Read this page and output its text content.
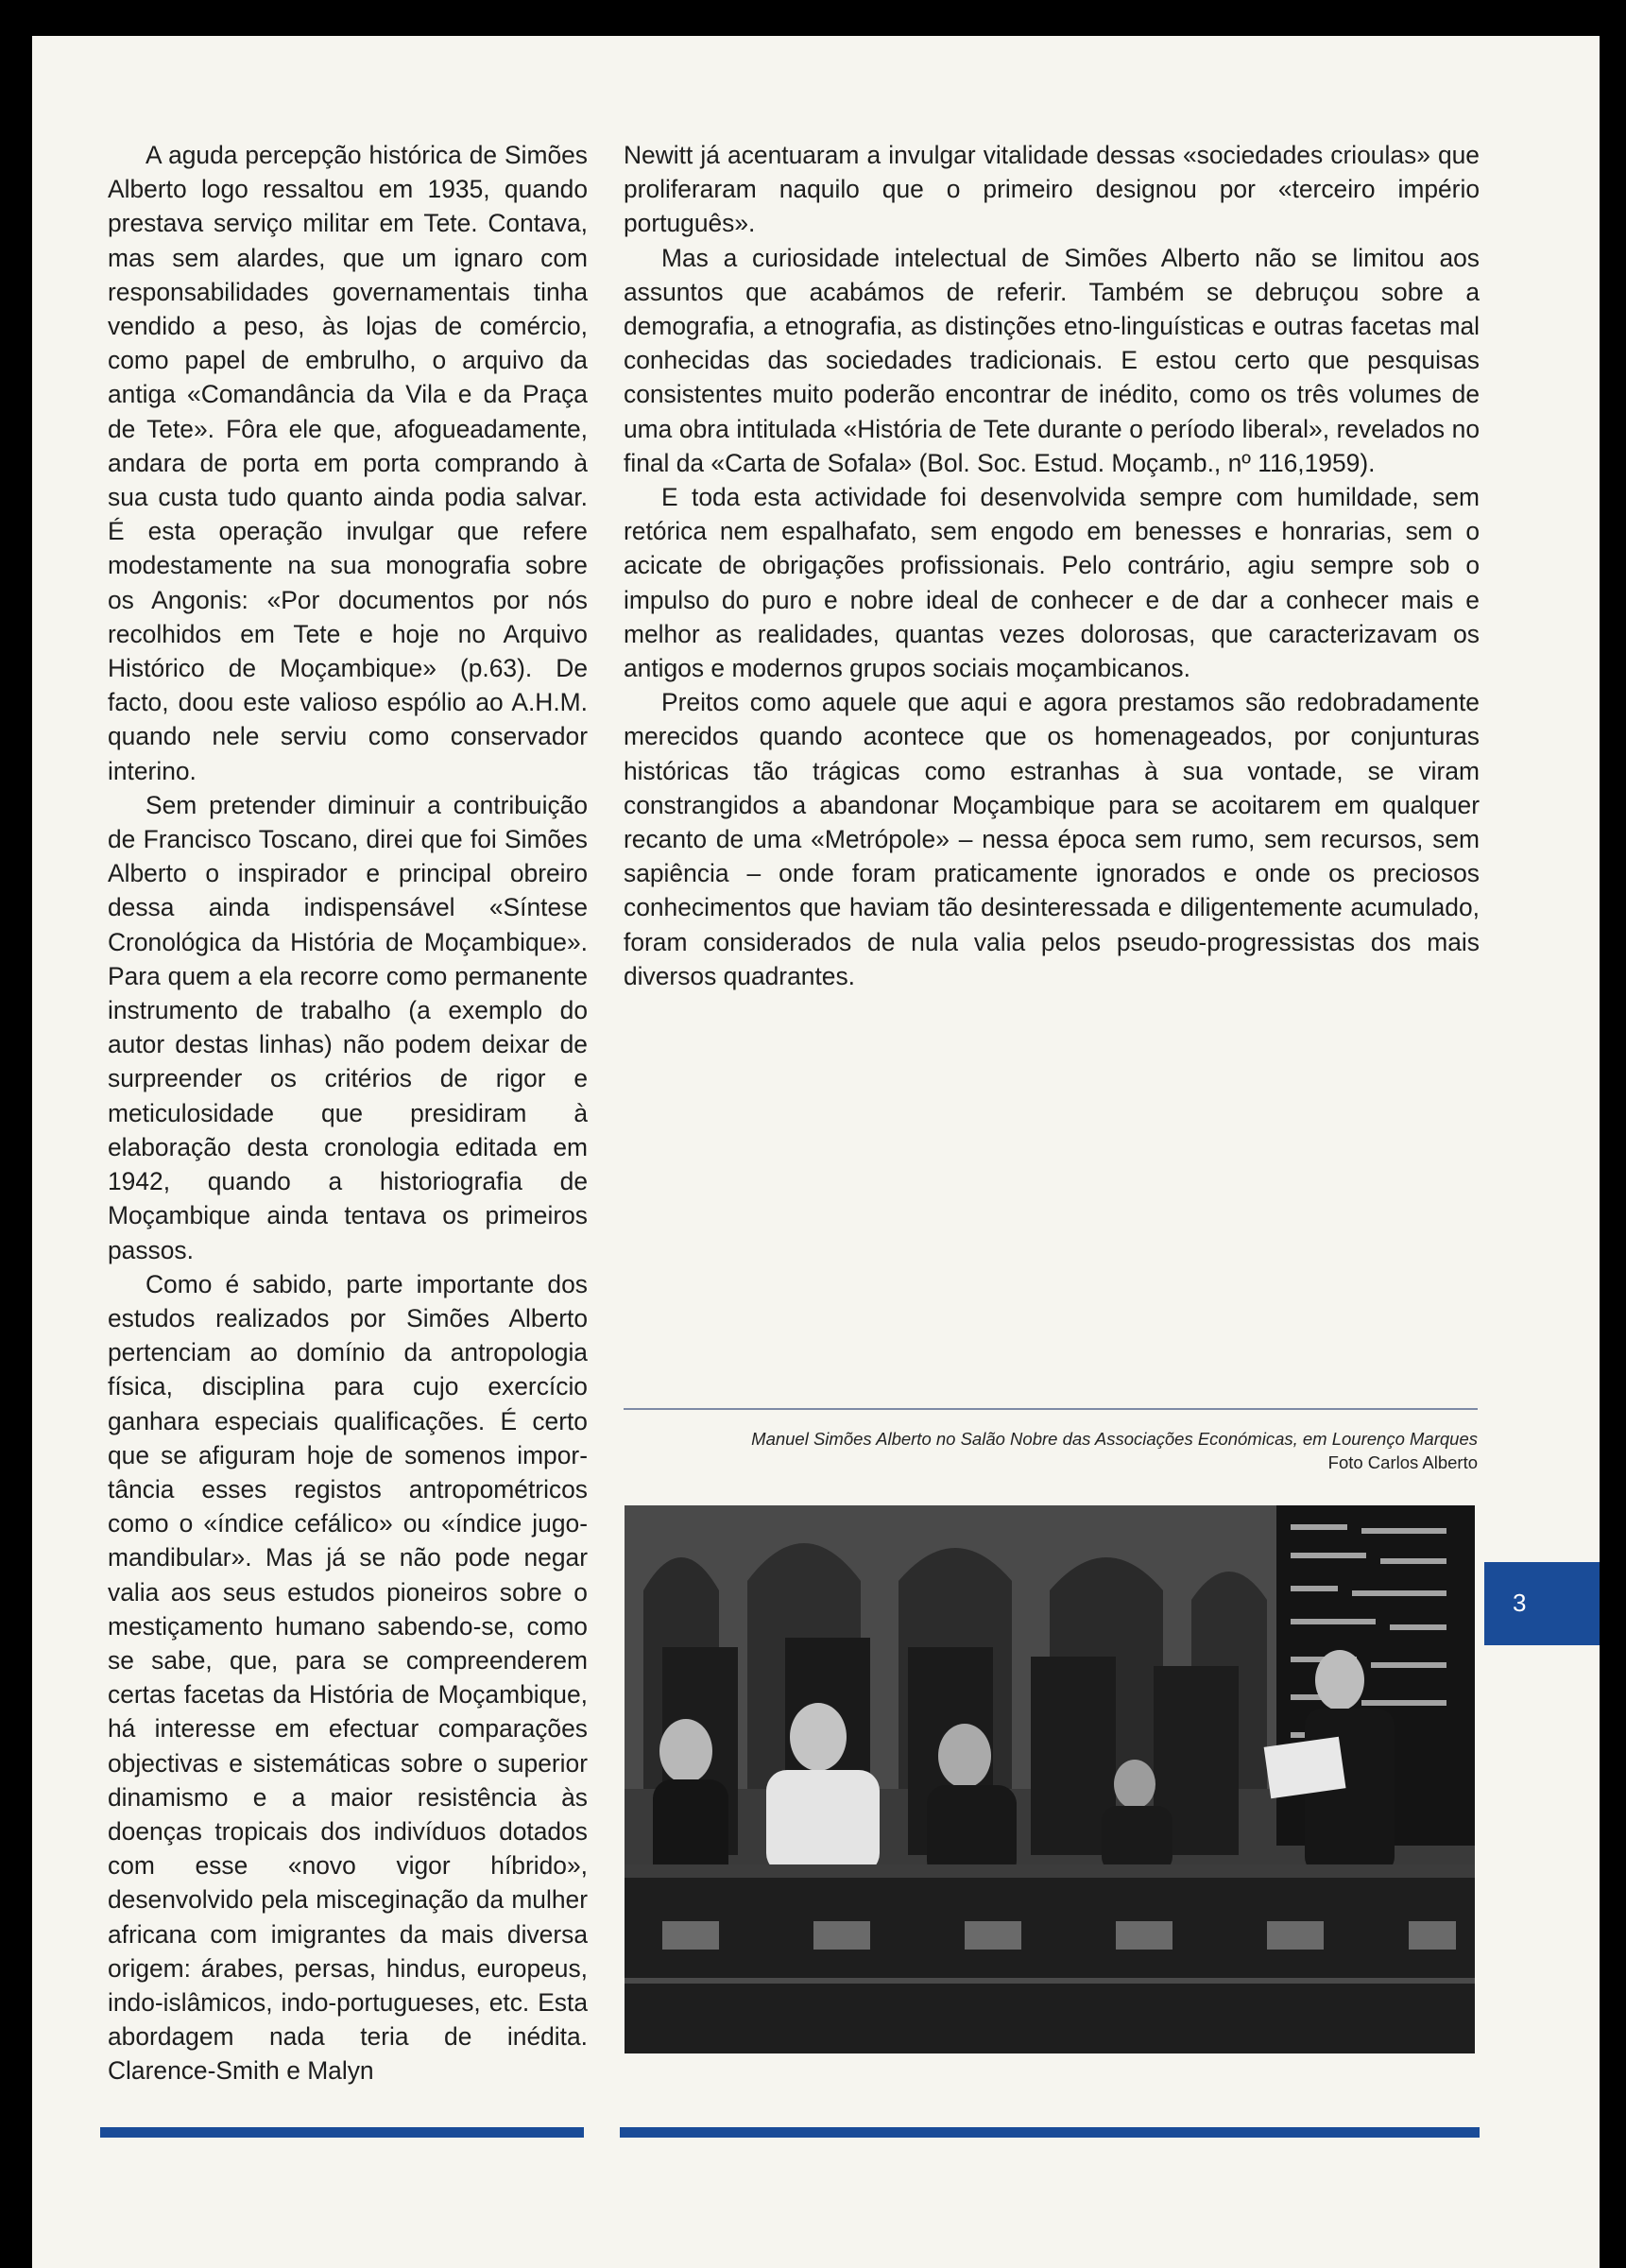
A aguda percepção histórica de Simões Alberto logo ressaltou em 1935, quando prestava serviço militar em Tete. Contava, mas sem alardes, que um ignaro com responsabilidades governamentais tinha vendido a peso, às lojas de comércio, como papel de embrulho, o arquivo da antiga «Comandância da Vila e da Praça de Tete». Fôra ele que, afogueadamente, andara de porta em porta comprando à sua custa tudo quanto ainda podia salvar. É esta operação invulgar que refere modestamente na sua monografia sobre os Angonis: «Por documentos por nós recolhidos em Tete e hoje no Arquivo Histórico de Moçambique» (p.63). De facto, doou este valioso espólio ao A.H.M. quando nele serviu como conservador interino.

Sem pretender diminuir a contribuição de Francisco Toscano, direi que foi Simões Alberto o inspirador e principal obreiro dessa ainda indispensável «Síntese Cronológica da História de Moçambique». Para quem a ela recorre como permanente instrumento de trabalho (a exemplo do autor destas linhas) não podem deixar de surpreender os critérios de rigor e meticulosidade que presidiram à elaboração desta cronologia editada em 1942, quando a historiografia de Moçambique ainda tentava os primeiros passos.

Como é sabido, parte importante dos estudos realizados por Simões Alberto pertenciam ao domínio da antropologia física, disciplina para cujo exercício ganhara especiais qualificações. É certo que se afiguram hoje de somenos importância esses registos antropométricos como o «índice cefálico» ou «índice jugomandibular». Mas já se não pode negar valia aos seus estudos pioneiros sobre o mestiçamento humano sabendo-se, como se sabe, que, para se compreenderem certas facetas da História de Moçambique, há interesse em efectuar comparações objectivas e sistemáticas sobre o superior dinamismo e a maior resistência às doenças tropicais dos indivíduos dotados com esse «novo vigor híbrido», desenvolvido pela misceginação da mulher africana com imigrantes da mais diversa origem: árabes, persas, hindus, europeus, indo-islâmicos, indo-portugueses, etc. Esta abordagem nada teria de inédita. Clarence-Smith e Malyn

Newitt já acentuaram a invulgar vitalidade dessas «sociedades crioulas» que proliferaram naquilo que o primeiro designou por «terceiro império português».

Mas a curiosidade intelectual de Simões Alberto não se limitou aos assuntos que acabámos de referir. Também se debruçou sobre a demografia, a etnografia, as distinções etno-linguísticas e outras facetas mal conhecidas das sociedades tradicionais. E estou certo que pesquisas consistentes muito poderão encontrar de inédito, como os três volumes de uma obra intitulada «História de Tete durante o período liberal», revelados no final da «Carta de Sofala» (Bol. Soc. Estud. Moçamb., nº 116,1959).

E toda esta actividade foi desenvolvida sempre com humildade, sem retórica nem espalhafato, sem engodo em benesses e honrarias, sem o acicate de obrigações profissionais. Pelo contrário, agiu sempre sob o impulso do puro e nobre ideal de conhecer e de dar a conhecer mais e melhor as realidades, quantas vezes dolorosas, que caracterizavam os antigos e modernos grupos sociais moçambicanos.

Preitos como aquele que aqui e agora prestamos são redobradamente merecidos quando acontece que os homenageados, por conjunturas históricas tão trágicas como estranhas à sua vontade, se viram constrangidos a abandonar Moçambique para se acoitarem em qualquer recanto de uma «Metrópole» – nessa época sem rumo, sem recursos, sem sapiência – onde foram praticamente ignorados e onde os preciosos conhecimentos que haviam tão desinteressada e diligentemente acumulado, foram considerados de nula valia pelos pseudo-progressistas dos mais diversos quadrantes.

Manuel Simões Alberto no Salão Nobre das Associações Económicas, em Lourenço Marques
Foto Carlos Alberto
3
